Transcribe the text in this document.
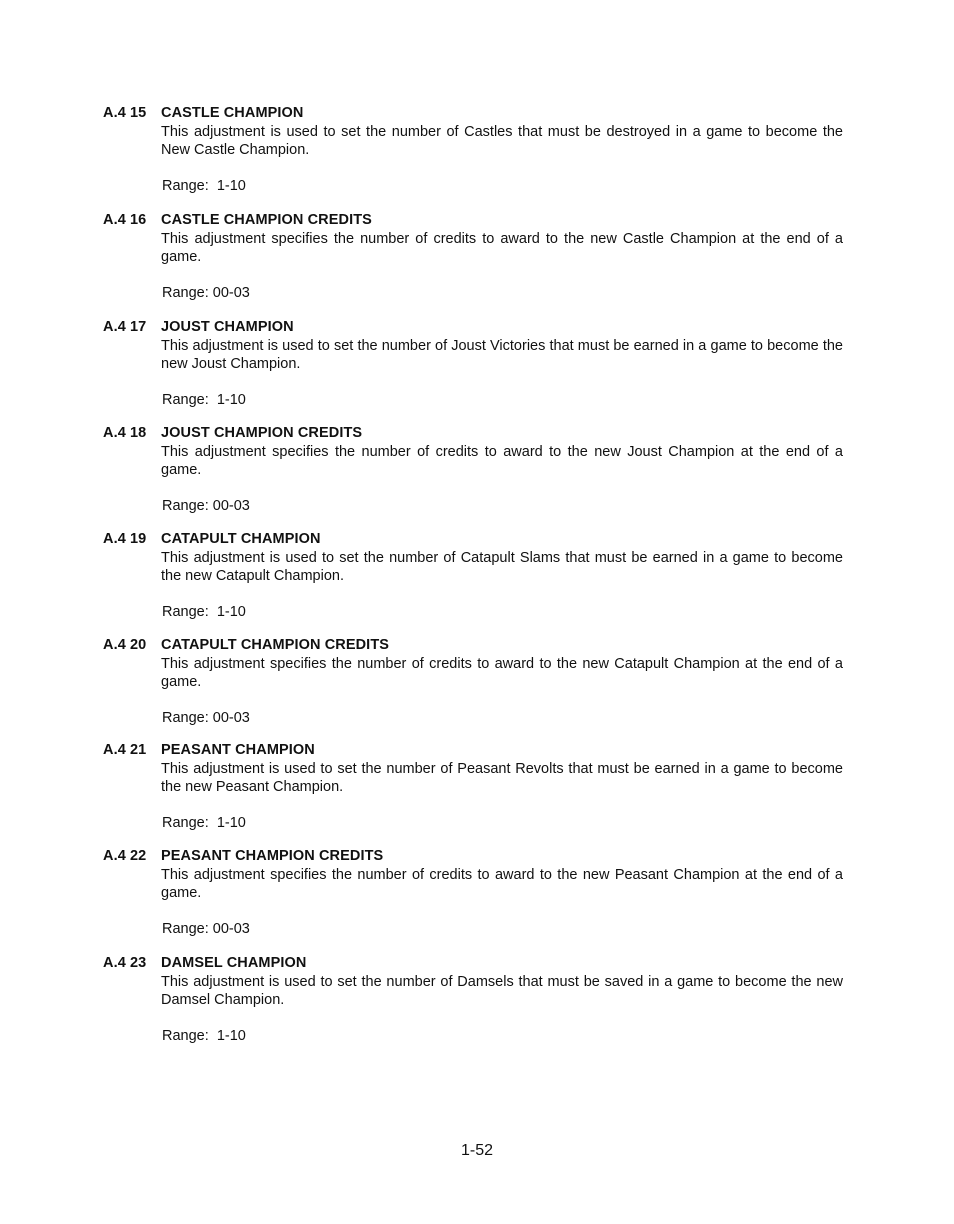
A.4 15	CASTLE CHAMPION
This adjustment is used to set the number of Castles that must be destroyed in a game to become the New Castle Champion.
Range:  1-10
A.4 16	CASTLE CHAMPION CREDITS
This adjustment specifies the number of credits to award to the new Castle Champion at the end of a game.
Range: 00-03
A.4 17	JOUST CHAMPION
This adjustment is used to set the number of Joust Victories that must be earned in a game to become the new Joust Champion.
Range:  1-10
A.4 18	JOUST CHAMPION CREDITS
This adjustment specifies the number of credits to award to the new Joust Champion at the end of a game.
Range: 00-03
A.4 19	CATAPULT CHAMPION
This adjustment is used to set the number of Catapult Slams that must be earned in a game to become the new Catapult Champion.
Range:  1-10
A.4 20	CATAPULT CHAMPION CREDITS
This adjustment specifies the number of credits to award to the new Catapult Champion at the end of a game.
Range: 00-03
A.4 21	PEASANT CHAMPION
This adjustment is used to set the number of Peasant Revolts that must be earned in a game to become the new Peasant Champion.
Range:  1-10
A.4 22	PEASANT CHAMPION CREDITS
This adjustment specifies the number of credits to award to the new Peasant Champion at the end of a game.
Range: 00-03
A.4 23	DAMSEL CHAMPION
This adjustment is used to set the number of Damsels that must be saved in a game to become the new Damsel Champion.
Range:  1-10
1-52
